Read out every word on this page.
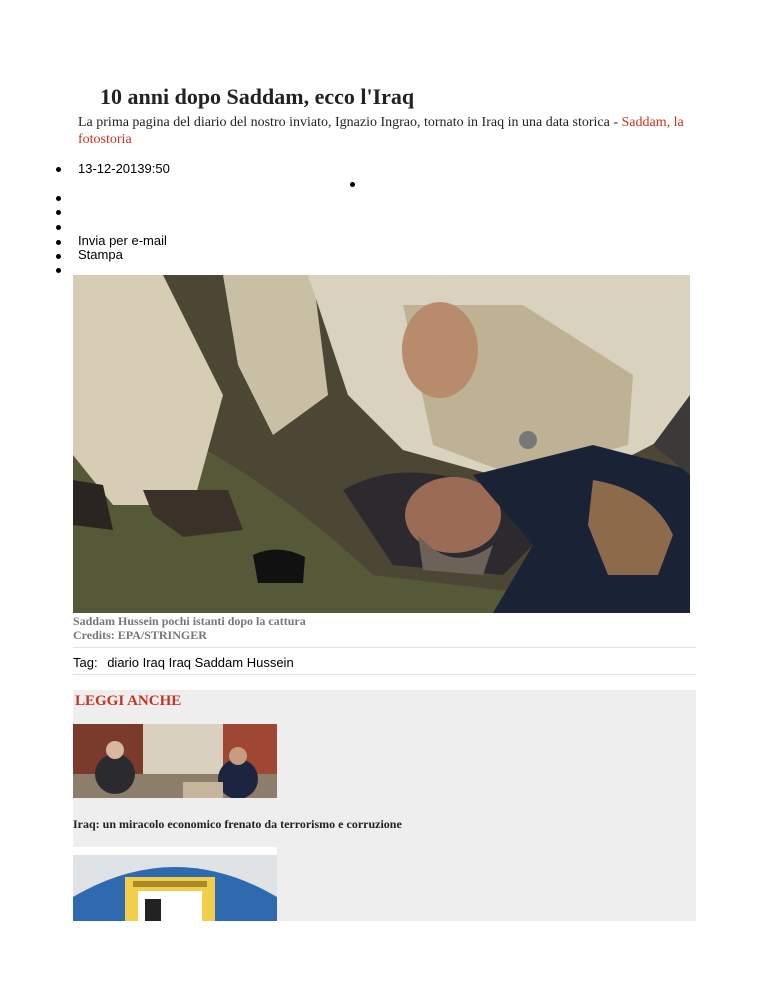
10 anni dopo Saddam, ecco l'Iraq
La prima pagina del diario del nostro inviato, Ignazio Ingrao, tornato in Iraq in una data storica - Saddam, la fotostoria
13-12-20139:50
Invia per e-mail
Stampa
Saddam Hussein pochi istanti dopo la cattura
Credits: EPA/STRINGER
Tag: diario Iraq Iraq Saddam Hussein
LEGGI ANCHE
Iraq: un miracolo economico frenato da terrorismo e corruzione
